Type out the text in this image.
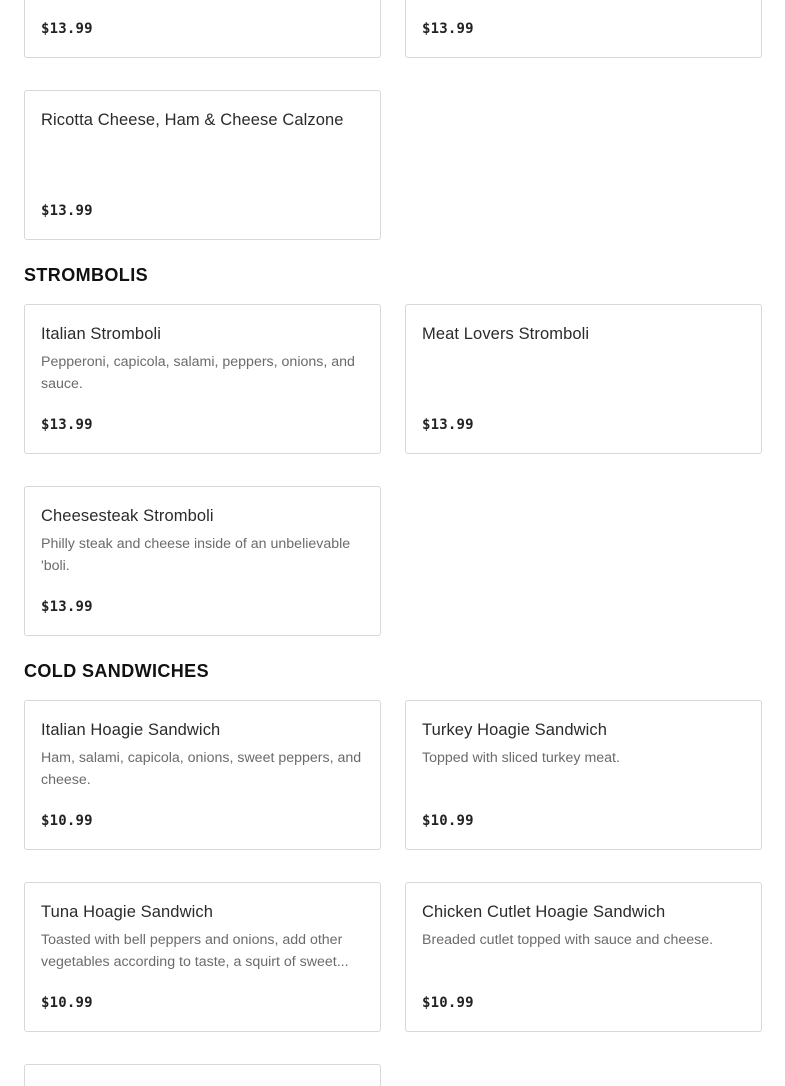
$13.99	$13.99
Ricotta Cheese, Ham & Cheese Calzone
$13.99
STROMBOLIS
Italian Stromboli
Pepperoni, capicola, salami, peppers, onions, and sauce.
$13.99
Meat Lovers Stromboli
$13.99
Cheesesteak Stromboli
Philly steak and cheese inside of an unbelievable 'boli.
$13.99
COLD SANDWICHES
Italian Hoagie Sandwich
Ham, salami, capicola, onions, sweet peppers, and cheese.
$10.99
Turkey Hoagie Sandwich
Topped with sliced turkey meat.
$10.99
Tuna Hoagie Sandwich
Toasted with bell peppers and onions, add other vegetables according to taste, a squirt of sweet...
$10.99
Chicken Cutlet Hoagie Sandwich
Breaded cutlet topped with sauce and cheese.
$10.99
